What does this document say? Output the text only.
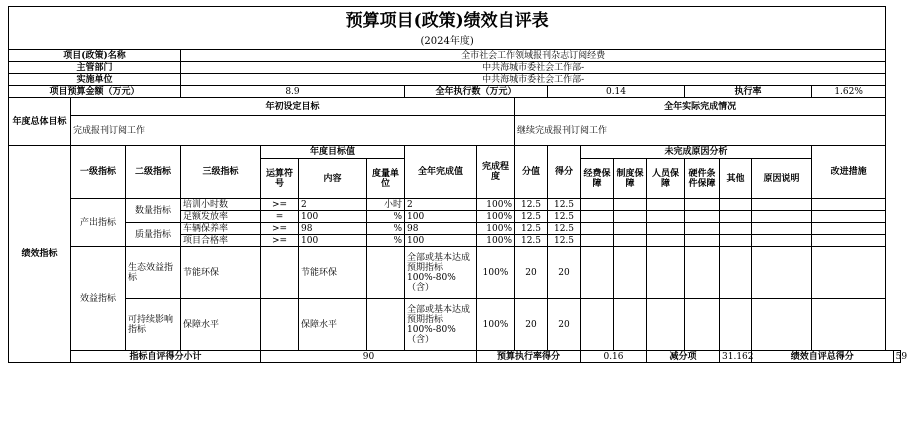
预算项目(政策)绩效自评表																		
(2024年度)																		
项目(政策)名称			全市社会工作领域报刊杂志订阅经费															
主管部门			中共海城市委社会工作部-															
实施单位			中共海城市委社会工作部-															
项目预算金额（万元）			8.9				全年执行数（万元）			0.14				执行率			1.62%	
年度总体目标	年初设定目标								全年实际完成情况									
	完成报刊订阅工作								继续完成报刊订阅工作									
绩效指标	一级指标	二级指标	三级指标	年度目标值			全年完成值	完成程度	分值	得分	未完成原因分析						改进措施	
				运算符号	内容	度量单位					经费保障	制度保障	人员保障	硬件条件保障	其他	原因说明		
	产出指标	数量指标	培训小时数	>=	2	小时	2	100%	12.5	12.5								
			足额发放率	=	100	%	100	100%	12.5	12.5								
		质量指标	车辆保养率	>=	98	%	98	100%	12.5	12.5								
			项目合格率	>=	100	%	100	100%	12.5	12.5								
	效益指标	生态效益指标	节能环保		节能环保		全部或基本达成预期指标100%-80%（含）	100%	20	20								
		可持续影响指标	保障水平		保障水平		全部或基本达成预期指标100%-80%（含）	100%	20	20								
	指标自评得分小计			90				预算执行率得分			0.16		减分项		31.162	绩效自评总得分		59
